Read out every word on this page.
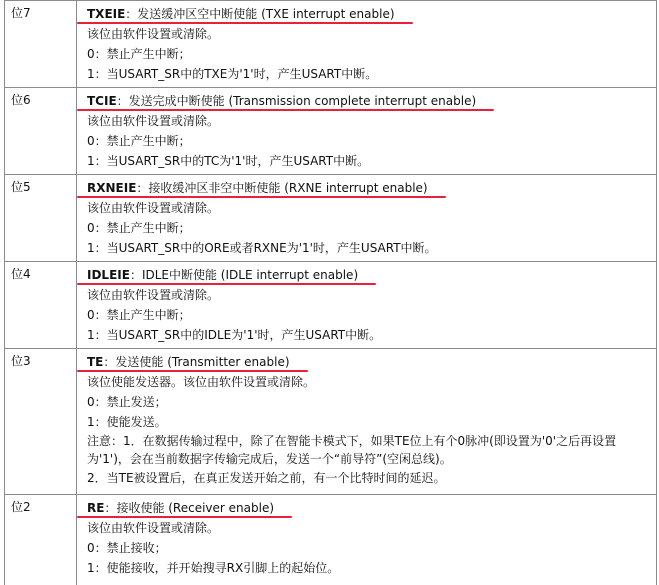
位7	TXEIE：发送缓冲区空中断使能 (TXE interrupt enable)
该位由软件设置或清除。
0：禁止产生中断；
1：当USART_SR中的TXE为'1'时，产生USART中断。
位6	TCIE：发送完成中断使能 (Transmission complete interrupt enable)
该位由软件设置或清除。
0：禁止产生中断；
1：当USART_SR中的TC为'1'时，产生USART中断。
位5	RXNEIE：接收缓冲区非空中断使能 (RXNE interrupt enable)
该位由软件设置或清除。
0：禁止产生中断；
1：当USART_SR中的ORE或者RXNE为'1'时，产生USART中断。
位4	IDLEIE：IDLE中断使能 (IDLE interrupt enable)
该位由软件设置或清除。
0：禁止产生中断；
1：当USART_SR中的IDLE为'1'时，产生USART中断。
位3	TE：发送使能 (Transmitter enable)
该位使能发送器。该位由软件设置或清除。
0：禁止发送；
1：使能发送。
注意：1．在数据传输过程中，除了在智能卡模式下，如果TE位上有个0脉冲(即设置为'0'之后再设置为'1')，会在当前数据字传输完成后，发送一个“前导符”(空闲总线)。
2．当TE被设置后，在真正发送开始之前，有一个比特时间的延迟。
位2	RE：接收使能 (Receiver enable)
该位由软件设置或清除。
0：禁止接收；
1：使能接收，并开始搜寻RX引脚上的起始位。
